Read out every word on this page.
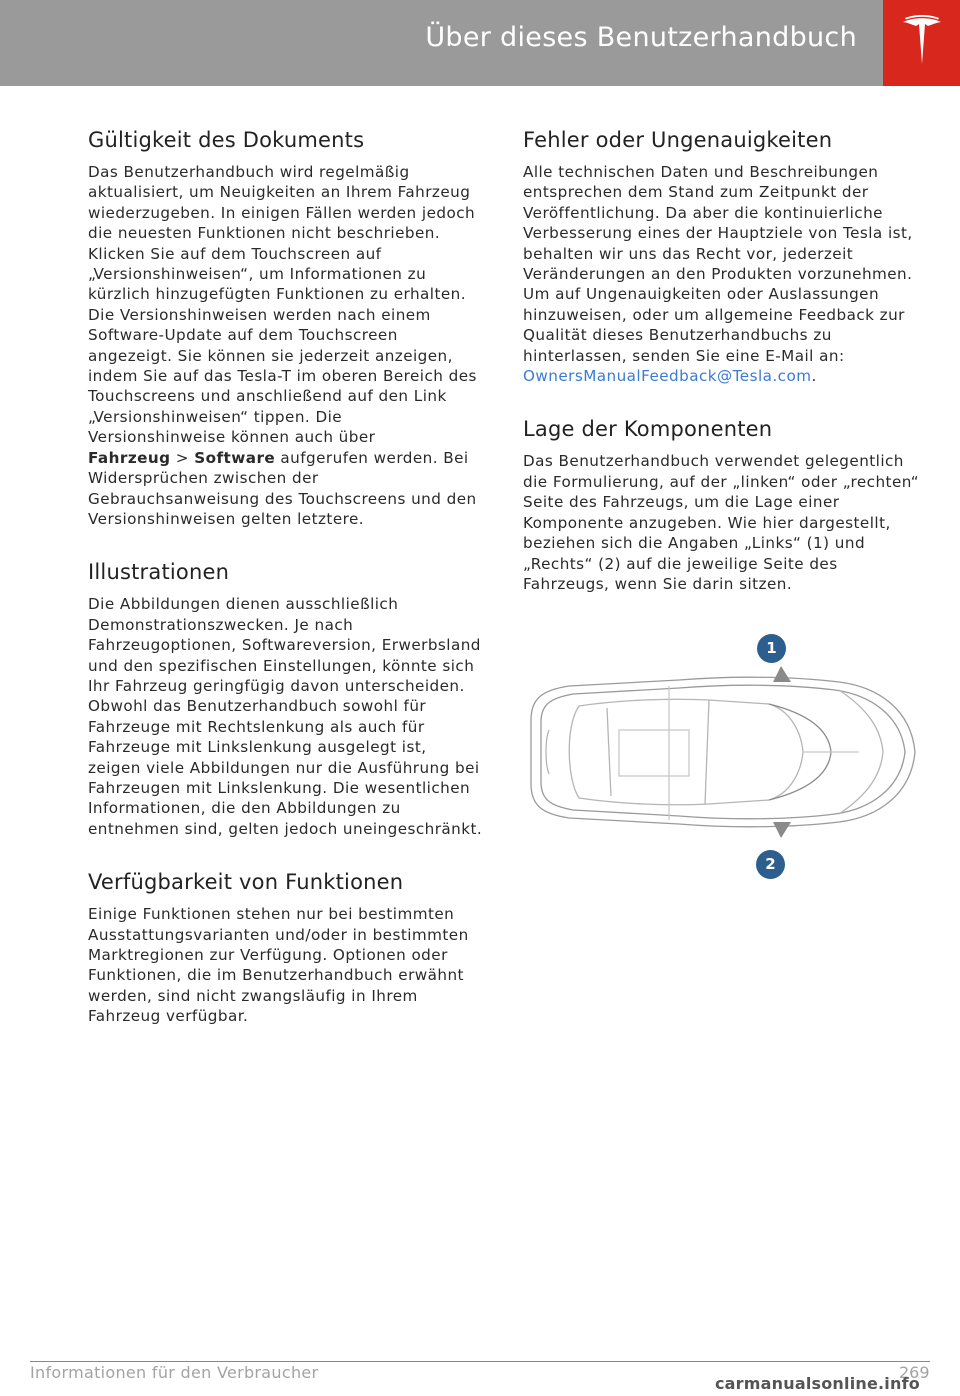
Über dieses Benutzerhandbuch
Gültigkeit des Dokuments

Das Benutzerhandbuch wird regelmäßig aktualisiert, um Neuigkeiten an Ihrem Fahrzeug wiederzugeben. In einigen Fällen werden jedoch die neuesten Funktionen nicht beschrieben. Klicken Sie auf dem Touchscreen auf „Versionshinweisen“, um Informationen zu kürzlich hinzugefügten Funktionen zu erhalten. Die Versionshinweisen werden nach einem Software-Update auf dem Touchscreen angezeigt. Sie können sie jederzeit anzeigen, indem Sie auf das Tesla-T im oberen Bereich des Touchscreens und anschließend auf den Link „Versionshinweisen“ tippen. Die Versionshinweise können auch über
Fahrzeug > Software aufgerufen werden. Bei Widersprüchen zwischen der Gebrauchsanweisung des Touchscreens und den Versionshinweisen gelten letztere.

Illustrationen

Die Abbildungen dienen ausschließlich Demonstrationszwecken. Je nach Fahrzeugoptionen, Softwareversion, Erwerbsland und den spezifischen Einstellungen, könnte sich Ihr Fahrzeug geringfügig davon unterscheiden. Obwohl das Benutzerhandbuch sowohl für Fahrzeuge mit Rechtslenkung als auch für Fahrzeuge mit Linkslenkung ausgelegt ist, zeigen viele Abbildungen nur die Ausführung bei Fahrzeugen mit Linkslenkung. Die wesentlichen Informationen, die den Abbildungen zu entnehmen sind, gelten jedoch uneingeschränkt.

Verfügbarkeit von Funktionen

Einige Funktionen stehen nur bei bestimmten Ausstattungsvarianten und/oder in bestimmten Marktregionen zur Verfügung. Optionen oder Funktionen, die im Benutzerhandbuch erwähnt werden, sind nicht zwangsläufig in Ihrem Fahrzeug verfügbar.

Fehler oder Ungenauigkeiten

Alle technischen Daten und Beschreibungen entsprechen dem Stand zum Zeitpunkt der Veröffentlichung. Da aber die kontinuierliche Verbesserung eines der Hauptziele von Tesla ist, behalten wir uns das Recht vor, jederzeit Veränderungen an den Produkten vorzunehmen. Um auf Ungenauigkeiten oder Auslassungen hinzuweisen, oder um allgemeine Feedback zur Qualität dieses Benutzerhandbuchs zu hinterlassen, senden Sie eine E-Mail an:
OwnersManualFeedback@Tesla.com.

Lage der Komponenten

Das Benutzerhandbuch verwendet gelegentlich die Formulierung, auf der „linken“ oder „rechten“ Seite des Fahrzeugs, um die Lage einer Komponente anzugeben. Wie hier dargestellt, beziehen sich die Angaben „Links“ (1) und „Rechts“ (2) auf die jeweilige Seite des Fahrzeugs, wenn Sie darin sitzen.

1
2
Informationen für den Verbraucher	269
carmanualsonline.info
